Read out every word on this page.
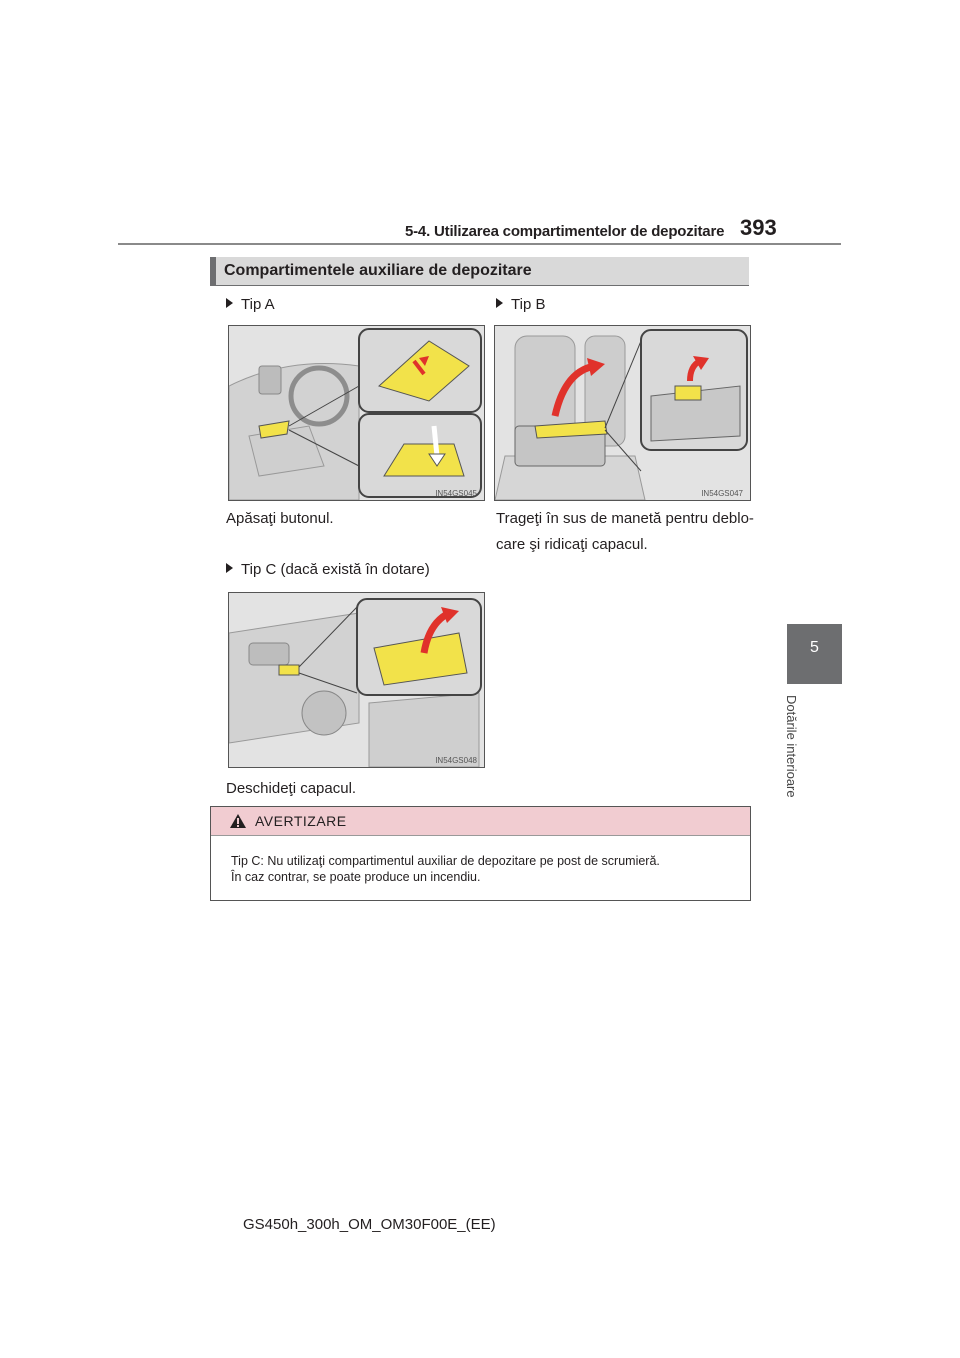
5-4. Utilizarea compartimentelor de depozitare 393
5
Dotările interioare
Compartimentele auxiliare de depozitare
Tip A
IN54GS045
Apăsaţi butonul.
Tip B
IN54GS047
Trageţi în sus de manetă pentru deblo-
care şi ridicaţi capacul.
Tip C (dacă există în dotare)
IN54GS048
Deschideţi capacul.
AVERTIZARE
Tip C: Nu utilizaţi compartimentul auxiliar de depozitare pe post de scrumieră.
În caz contrar, se poate produce un incendiu.
GS450h_300h_OM_OM30F00E_(EE)
